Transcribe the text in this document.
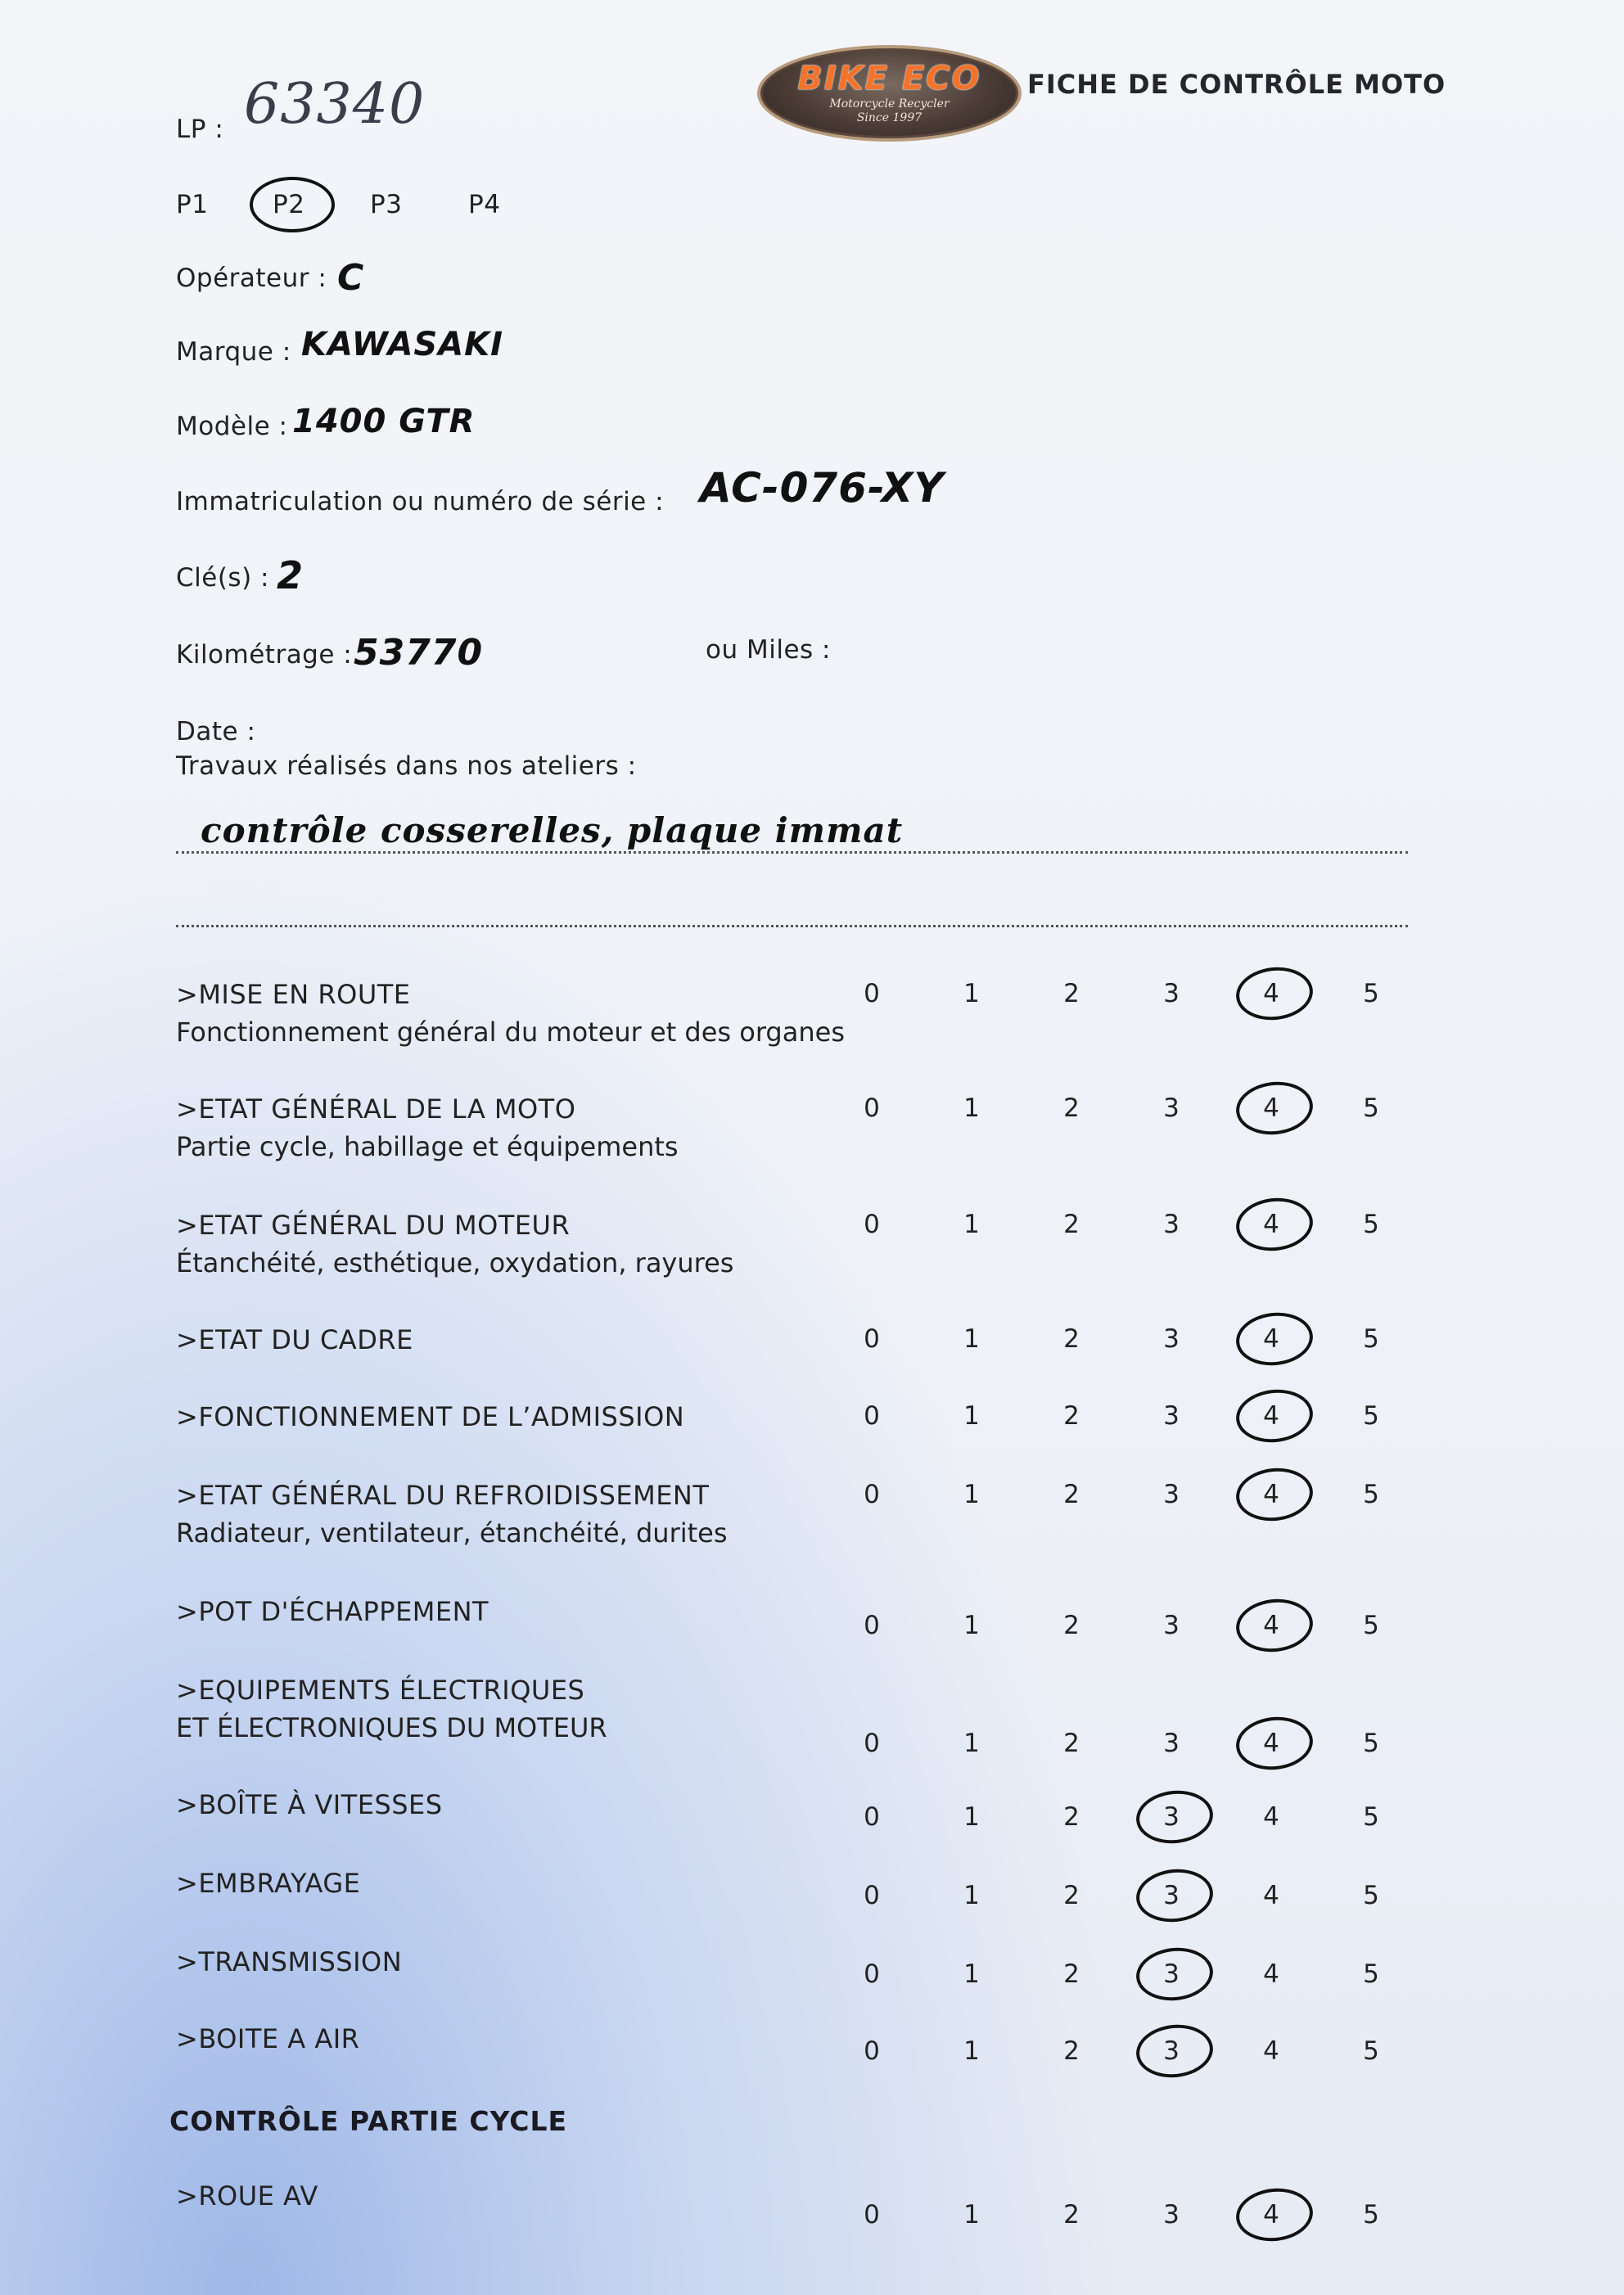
BIKE ECO
Motorcycle Recycler
Since 1997
FICHE DE CONTRÔLE MOTO
LP : 63340
P1	P2	P3	P4
Opérateur : C
Marque : KAWASAKI
Modèle : 1400 GTR
Immatriculation ou numéro de série : AC-076-XY
Clé(s) : 2
Kilométrage : 53770	ou Miles :
Date :
Travaux réalisés dans nos ateliers :
contrôle cosserelles, plaque immat
>MISE EN ROUTE
Fonctionnement général du moteur et des organes
0	1	2	3	4	5
>ETAT GÉNÉRAL DE LA MOTO
Partie cycle, habillage et équipements
0	1	2	3	4	5
>ETAT GÉNÉRAL DU MOTEUR
Étanchéité, esthétique, oxydation, rayures
0	1	2	3	4	5
>ETAT DU CADRE	0	1	2	3	4	5
>FONCTIONNEMENT DE L’ADMISSION	0	1	2	3	4	5
>ETAT GÉNÉRAL DU REFROIDISSEMENT
Radiateur, ventilateur, étanchéité, durites
0	1	2	3	4	5
>POT D'ÉCHAPPEMENT	0	1	2	3	4	5
>EQUIPEMENTS ÉLECTRIQUES
ET ÉLECTRONIQUES DU MOTEUR	0	1	2	3	4	5
>BOÎTE À VITESSES	0	1	2	3	4	5
>EMBRAYAGE	0	1	2	3	4	5
>TRANSMISSION	0	1	2	3	4	5
>BOITE A AIR	0	1	2	3	4	5
CONTRÔLE PARTIE CYCLE
>ROUE AV
0	1	2	3	4	5
